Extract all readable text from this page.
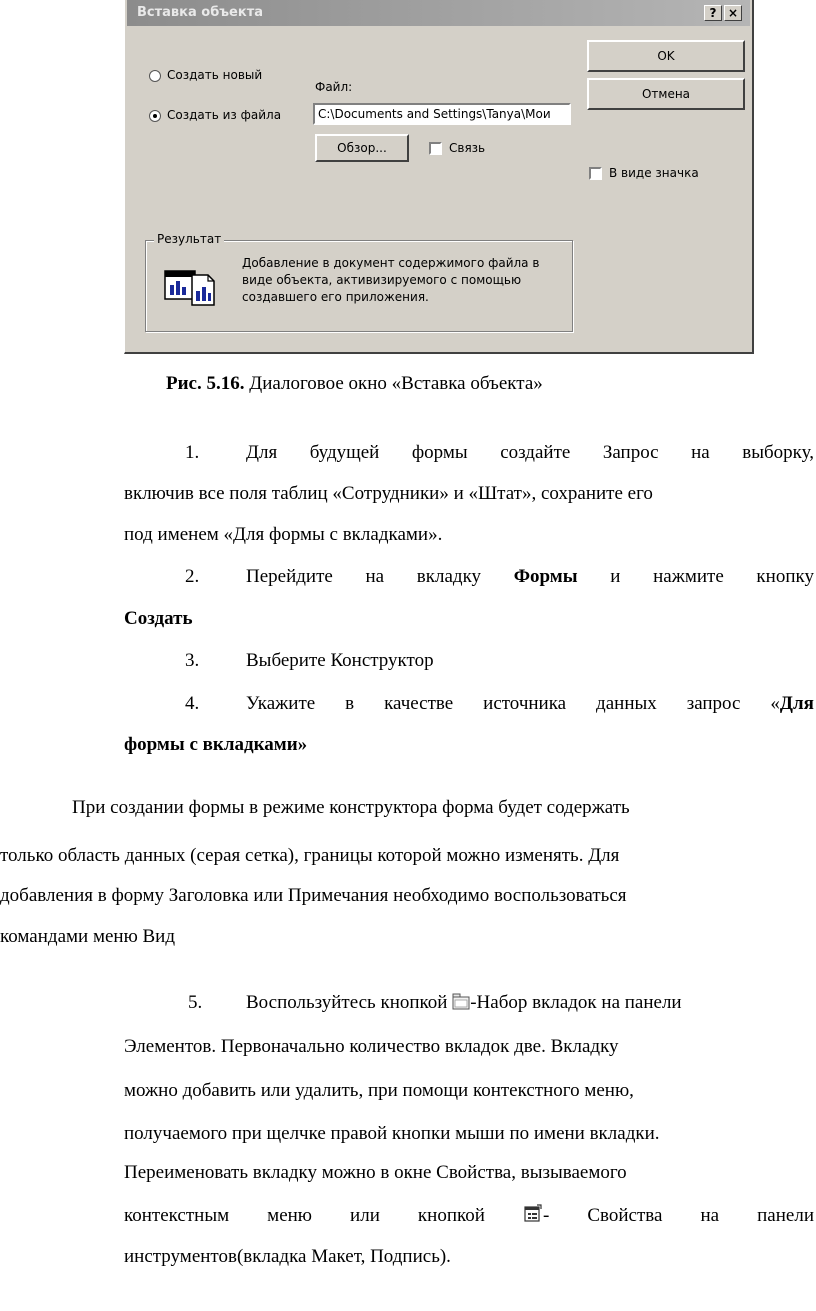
Вставка объекта	? ×
Создать новый
Создать из файла
Файл:
C:\Documents and Settings\Tanya\Мои
Обзор...	Связь
OK
Отмена
В виде значка
Результат
Добавление в документ содержимого файла в
виде объекта, активизируемого с помощью
создавшего его приложения.
Рис. 5.16. Диалоговое окно «Вставка объекта»
1. Для будущей формы создайте Запрос на выборку,
включив все поля таблиц «Сотрудники» и «Штат», сохраните его
под именем «Для формы с вкладками».
2. Перейдите на вкладку Формы и нажмите кнопку
Создать
3. Выберите Конструктор
4. Укажите в качестве источника данных запрос «Для
формы с вкладками»
При создании формы в режиме конструктора форма будет содержать
только область данных (серая сетка), границы которой можно изменять. Для
добавления в форму Заголовка или Примечания необходимо воспользоваться
командами меню Вид
5. Воспользуйтесь кнопкой -Набор вкладок на панели
Элементов. Первоначально количество вкладок две. Вкладку
можно добавить или удалить, при помощи контекстного меню,
получаемого при щелчке правой кнопки мыши по имени вкладки.
Переименовать вкладку можно в окне Свойства, вызываемого
контекстным меню или кнопкой	- Свойства на панели
инструментов(вкладка Макет, Подпись).
